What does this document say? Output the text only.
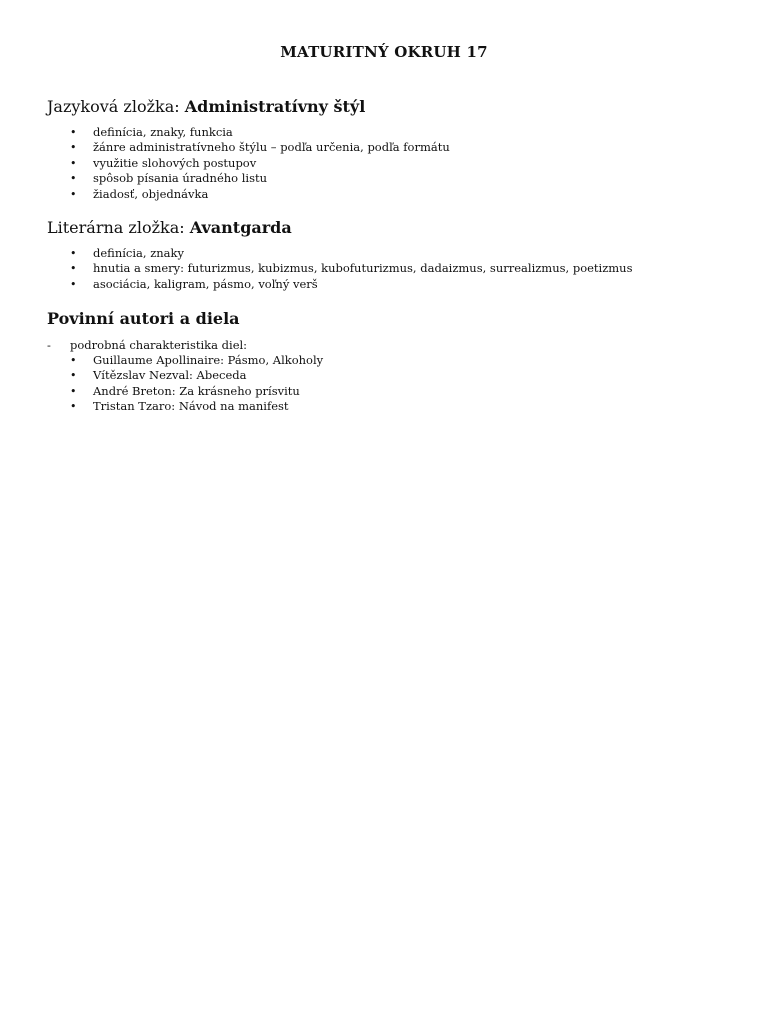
MATURITNÝ OKRUH 17
Jazyková zložka: Administratívny štýl
• definícia, znaky, funkcia
• žánre administratívneho štýlu – podľa určenia, podľa formátu
• využitie slohových postupov
• spôsob písania úradného listu
• žiadosť, objednávka
Literárna zložka: Avantgarda
• definícia, znaky
• hnutia a smery: futurizmus, kubizmus, kubofuturizmus, dadaizmus, surrealizmus, poetizmus
• asociácia, kaligram, pásmo, voľný verš
Povinní autori a diela
- podrobná charakteristika diel:
• Guillaume Apollinaire: Pásmo, Alkoholy
• Vítězslav Nezval: Abeceda
• André Breton: Za krásneho prísvitu
• Tristan Tzaro: Návod na manifest
